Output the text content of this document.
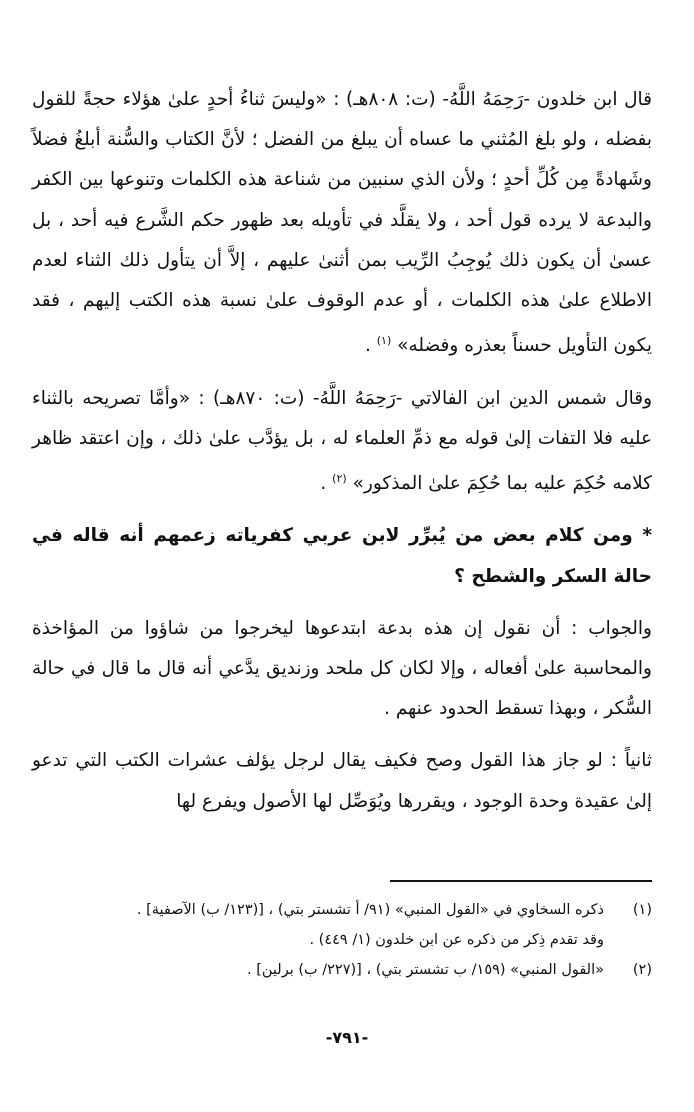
قال ابن خلدون -رَحِمَهُ اللَّهُ- (ت: ٨٠٨هـ) : «وليسَ ثناءُ أحدٍ علىٰ هؤلاء حجةً للقول بفضله ، ولو بلغ المُثني ما عساه أن يبلغ من الفضل ؛ لأنَّ الكتاب والسُّنة أبلغُ فضلاً وشَهادةً مِن كُلِّ أحدٍ ؛ ولأن الذي سنبين من شناعة هذه الكلمات وتنوعها بين الكفر والبدعة لا يرده قول أحد ، ولا يقلَّد في تأويله بعد ظهور حكم الشَّرع فيه أحد ، بل عسىٰ أن يكون ذلك يُوجِبُ الرِّيب بمن أثنىٰ عليهم ، إلاَّ أن يتأول ذلك الثناء لعدم الاطلاع علىٰ هذه الكلمات ، أو عدم الوقوف علىٰ نسبة هذه الكتب إليهم ، فقد يكون التأويل حسناً بعذره وفضله» $^{(١)}$ .

وقال شمس الدين ابن الفالاتي -رَحِمَهُ اللَّهُ- (ت: ٨٧٠هـ) : «وأمَّا تصريحه بالثناء عليه فلا التفات إلىٰ قوله مع ذمِّ العلماء له ، بل يؤدَّب علىٰ ذلك ، وإن اعتقد ظاهر كلامه حُكِمَ عليه بما حُكِمَ علىٰ المذكور» $^{(٢)}$ .

* ومن كلام بعض من يُبرِّر لابن عربي كفرياته زعمهم أنه قاله في حالة السكر والشطح ؟

والجواب : أن نقول إن هذه بدعة ابتدعوها ليخرجوا من شاؤوا من المؤاخذة والمحاسبة علىٰ أفعاله ، وإلا لكان كل ملحد وزنديق يدَّعي أنه قال ما قال في حالة السُّكر ، وبهذا تسقط الحدود عنهم .

ثانياً : لو جاز هذا القول وصح فكيف يقال لرجل يؤلف عشرات الكتب التي تدعو إلىٰ عقيدة وحدة الوجود ، ويقررها ويُوَصِّل لها الأصول ويفرع لها

(١)
ذكره السخاوي في «القول المنبي» (٩١/ أ تشستر بتي) ، [(١٢٣/ ب) الآصفية] .
وقد تقدم ذِكر من ذكره عن ابن خلدون (١/ ٤٤٩) .
(٢)
«القول المنبي» (١٥٩/ ب تشستر بتي) ، [(٢٢٧/ ب) برلين] .
-٧٩١-
